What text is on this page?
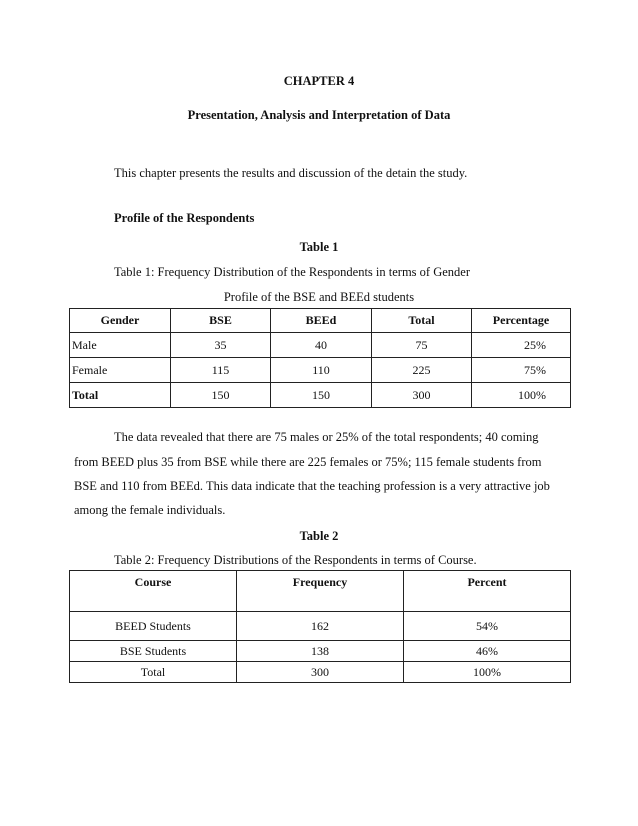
CHAPTER 4
Presentation, Analysis and Interpretation of Data
This chapter presents the results and discussion of the detain the study.
Profile of the Respondents
Table 1
Table 1: Frequency Distribution of the Respondents in terms of Gender
Profile of the BSE and BEEd students
Gender	BSE	BEEd	Total	Percentage
Male	35	40	75	25%
Female	115	110	225	75%
Total	150	150	300	100%
The data revealed that there are 75 males or 25% of the total respondents; 40 coming
from BEED plus 35 from BSE while there are 225 females or 75%; 115 female students from
BSE and 110 from BEEd. This data indicate that the teaching profession is a very attractive job
among the female individuals.
Table 2
Table 2: Frequency Distributions of the Respondents in terms of Course.
Course	Frequency	Percent
BEED Students	162	54%
BSE Students	138	46%
Total	300	100%
